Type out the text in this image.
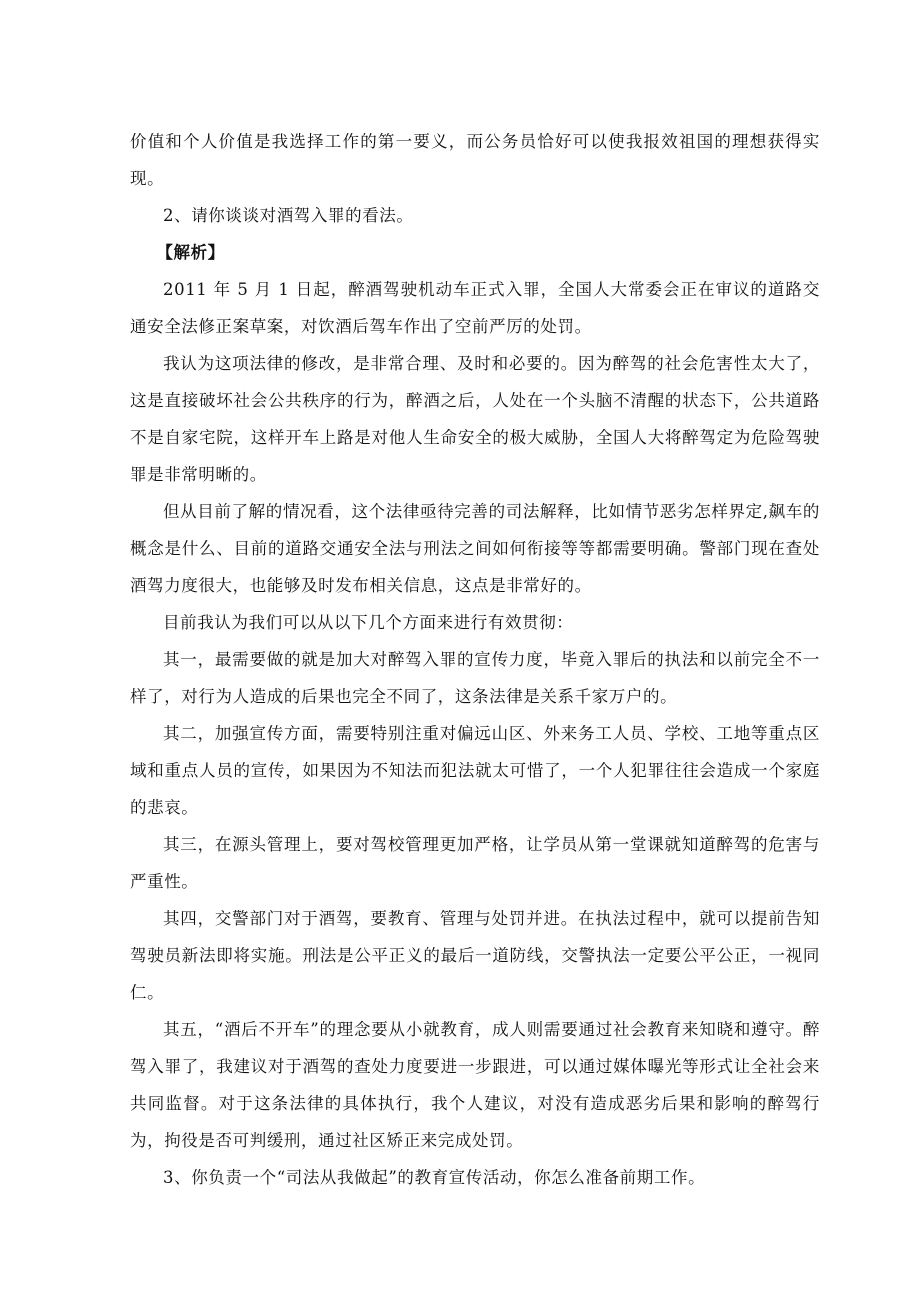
价值和个人价值是我选择工作的第一要义，而公务员恰好可以使我报效祖国的理想获得实现。

2、请你谈谈对酒驾入罪的看法。

【解析】

2011 年 5 月 1 日起，醉酒驾驶机动车正式入罪，全国人大常委会正在审议的道路交通安全法修正案草案，对饮酒后驾车作出了空前严厉的处罚。

我认为这项法律的修改，是非常合理、及时和必要的。因为醉驾的社会危害性太大了，这是直接破坏社会公共秩序的行为，醉酒之后，人处在一个头脑不清醒的状态下，公共道路不是自家宅院，这样开车上路是对他人生命安全的极大威胁，全国人大将醉驾定为危险驾驶罪是非常明晰的。

但从目前了解的情况看，这个法律亟待完善的司法解释，比如情节恶劣怎样界定,飙车的概念是什么、目前的道路交通安全法与刑法之间如何衔接等等都需要明确。警部门现在查处酒驾力度很大，也能够及时发布相关信息，这点是非常好的。

目前我认为我们可以从以下几个方面来进行有效贯彻：

其一，最需要做的就是加大对醉驾入罪的宣传力度，毕竟入罪后的执法和以前完全不一样了，对行为人造成的后果也完全不同了，这条法律是关系千家万户的。

其二，加强宣传方面，需要特别注重对偏远山区、外来务工人员、学校、工地等重点区域和重点人员的宣传，如果因为不知法而犯法就太可惜了，一个人犯罪往往会造成一个家庭的悲哀。

其三，在源头管理上，要对驾校管理更加严格，让学员从第一堂课就知道醉驾的危害与严重性。

其四，交警部门对于酒驾，要教育、管理与处罚并进。在执法过程中，就可以提前告知驾驶员新法即将实施。刑法是公平正义的最后一道防线，交警执法一定要公平公正，一视同仁。

其五，“酒后不开车”的理念要从小就教育，成人则需要通过社会教育来知晓和遵守。醉驾入罪了，我建议对于酒驾的查处力度要进一步跟进，可以通过媒体曝光等形式让全社会来共同监督。对于这条法律的具体执行，我个人建议，对没有造成恶劣后果和影响的醉驾行为，拘役是否可判缓刑，通过社区矫正来完成处罚。

3、你负责一个“司法从我做起”的教育宣传活动，你怎么准备前期工作。
